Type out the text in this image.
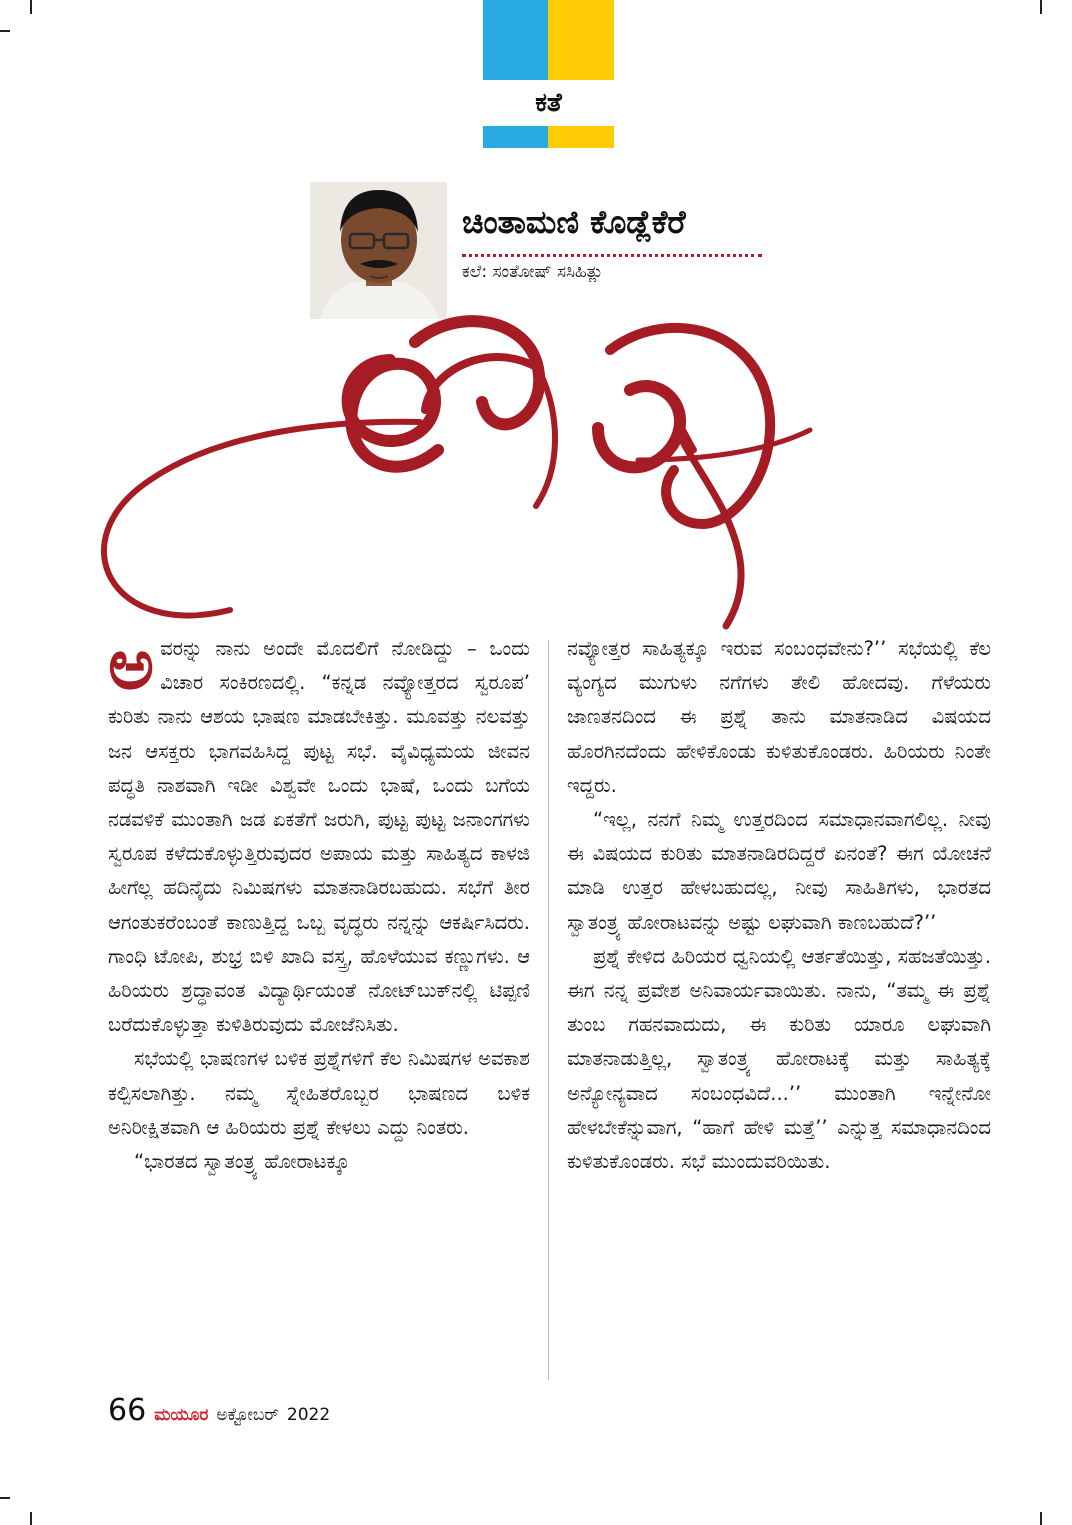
ಕತೆ
ಚಿಂತಾಮಣಿ ಕೊಡ್ಲೆಕೆರೆ
ಕಲೆ: ಸಂತೋಷ್ ಸಸಿಹಿತ್ಲು

ಅವರನ್ನು ನಾನು ಅಂದೇ ಮೊದಲಿಗೆ ನೋಡಿದ್ದು – ಒಂದು ವಿಚಾರ ಸಂಕಿರಣದಲ್ಲಿ. “ಕನ್ನಡ ನವ್ಯೋತ್ತರದ ಸ್ವರೂಪ’ ಕುರಿತು ನಾನು ಆಶಯ ಭಾಷಣ ಮಾಡಬೇಕಿತ್ತು. ಮೂವತ್ತು ನಲವತ್ತು ಜನ ಆಸಕ್ತರು ಭಾಗವಹಿಸಿದ್ದ ಪುಟ್ಟ ಸಭೆ. ವೈವಿಧ್ಯಮಯ ಜೀವನ ಪದ್ಧತಿ ನಾಶವಾಗಿ ಇಡೀ ವಿಶ್ವವೇ ಒಂದು ಭಾಷೆ, ಒಂದು ಬಗೆಯ ನಡವಳಿಕೆ ಮುಂತಾಗಿ ಜಡ ಏಕತೆಗೆ ಜರುಗಿ, ಪುಟ್ಟ ಪುಟ್ಟ ಜನಾಂಗಗಳು ಸ್ವರೂಪ ಕಳೆದುಕೊಳ್ಳುತ್ತಿರುವುದರ ಅಪಾಯ ಮತ್ತು ಸಾಹಿತ್ಯದ ಕಾಳಜಿ ಹೀಗೆಲ್ಲ ಹದಿನೈದು ನಿಮಿಷಗಳು ಮಾತನಾಡಿರಬಹುದು. ಸಭೆಗೆ ತೀರ ಆಗಂತುಕರೆಂಬಂತೆ ಕಾಣುತ್ತಿದ್ದ ಒಬ್ಬ ವೃದ್ಧರು ನನ್ನನ್ನು ಆಕರ್ಷಿಸಿದರು. ಗಾಂಧಿ ಟೋಪಿ, ಶುಭ್ರ ಬಿಳಿ ಖಾದಿ ವಸ್ತ್ರ, ಹೊಳೆಯುವ ಕಣ್ಣುಗಳು. ಆ ಹಿರಿಯರು ಶ್ರದ್ಧಾವಂತ ವಿದ್ಯಾರ್ಥಿಯಂತೆ ನೋಟ್‌ಬುಕ್‌ನಲ್ಲಿ ಟಿಪ್ಪಣಿ ಬರೆದುಕೊಳ್ಳುತ್ತಾ ಕುಳಿತಿರುವುದು ಮೋಜೆನಿಸಿತು.

ಸಭೆಯಲ್ಲಿ ಭಾಷಣಗಳ ಬಳಿಕ ಪ್ರಶ್ನೆಗಳಿಗೆ ಕೆಲ ನಿಮಿಷಗಳ ಅವಕಾಶ ಕಲ್ಪಿಸಲಾಗಿತ್ತು. ನಮ್ಮ ಸ್ನೇಹಿತರೊಬ್ಬರ ಭಾಷಣದ ಬಳಿಕ ಅನಿರೀಕ್ಷಿತವಾಗಿ ಆ ಹಿರಿಯರು ಪ್ರಶ್ನೆ ಕೇಳಲು ಎದ್ದು ನಿಂತರು.

“ಭಾರತದ ಸ್ವಾತಂತ್ರ್ಯ ಹೋರಾಟಕ್ಕೂ

ನವ್ಯೋತ್ತರ ಸಾಹಿತ್ಯಕ್ಕೂ ಇರುವ ಸಂಬಂಧವೇನು?’’ ಸಭೆಯಲ್ಲಿ ಕೆಲ ವ್ಯಂಗ್ಯದ ಮುಗುಳು ನಗೆಗಳು ತೇಲಿ ಹೋದವು. ಗೆಳೆಯರು ಜಾಣತನದಿಂದ ಈ ಪ್ರಶ್ನೆ ತಾನು ಮಾತನಾಡಿದ ವಿಷಯದ ಹೊರಗಿನದೆಂದು ಹೇಳಿಕೊಂಡು ಕುಳಿತುಕೊಂಡರು. ಹಿರಿಯರು ನಿಂತೇ ಇದ್ದರು.

“ಇಲ್ಲ, ನನಗೆ ನಿಮ್ಮ ಉತ್ತರದಿಂದ ಸಮಾಧಾನವಾಗಲಿಲ್ಲ. ನೀವು ಈ ವಿಷಯದ ಕುರಿತು ಮಾತನಾಡಿರದಿದ್ದರೆ ಏನಂತೆ? ಈಗ ಯೋಚನೆ ಮಾಡಿ ಉತ್ತರ ಹೇಳಬಹುದಲ್ಲ, ನೀವು ಸಾಹಿತಿಗಳು, ಭಾರತದ ಸ್ವಾತಂತ್ರ್ಯ ಹೋರಾಟವನ್ನು ಅಷ್ಟು ಲಘುವಾಗಿ ಕಾಣಬಹುದೆ?’’

ಪ್ರಶ್ನೆ ಕೇಳಿದ ಹಿರಿಯರ ಧ್ವನಿಯಲ್ಲಿ ಆರ್ತತೆಯಿತ್ತು, ಸಹಜತೆಯಿತ್ತು. ಈಗ ನನ್ನ ಪ್ರವೇಶ ಅನಿವಾರ್ಯವಾಯಿತು. ನಾನು, “ತಮ್ಮ ಈ ಪ್ರಶ್ನೆ ತುಂಬ ಗಹನವಾದುದು, ಈ ಕುರಿತು ಯಾರೂ ಲಘುವಾಗಿ ಮಾತನಾಡುತ್ತಿಲ್ಲ, ಸ್ವಾತಂತ್ರ್ಯ ಹೋರಾಟಕ್ಕೆ ಮತ್ತು ಸಾಹಿತ್ಯಕ್ಕೆ ಅನ್ಯೋನ್ಯವಾದ ಸಂಬಂಧವಿದೆ...’’ ಮುಂತಾಗಿ ಇನ್ನೇನೋ ಹೇಳಬೇಕೆನ್ನುವಾಗ, “ಹಾಗೆ ಹೇಳಿ ಮತ್ತೆ’’ ಎನ್ನುತ್ತ ಸಮಾಧಾನದಿಂದ ಕುಳಿತುಕೊಂಡರು. ಸಭೆ ಮುಂದುವರಿಯಿತು.

66 ಮಯೂರ ಅಕ್ಟೋಬರ್ 2022
